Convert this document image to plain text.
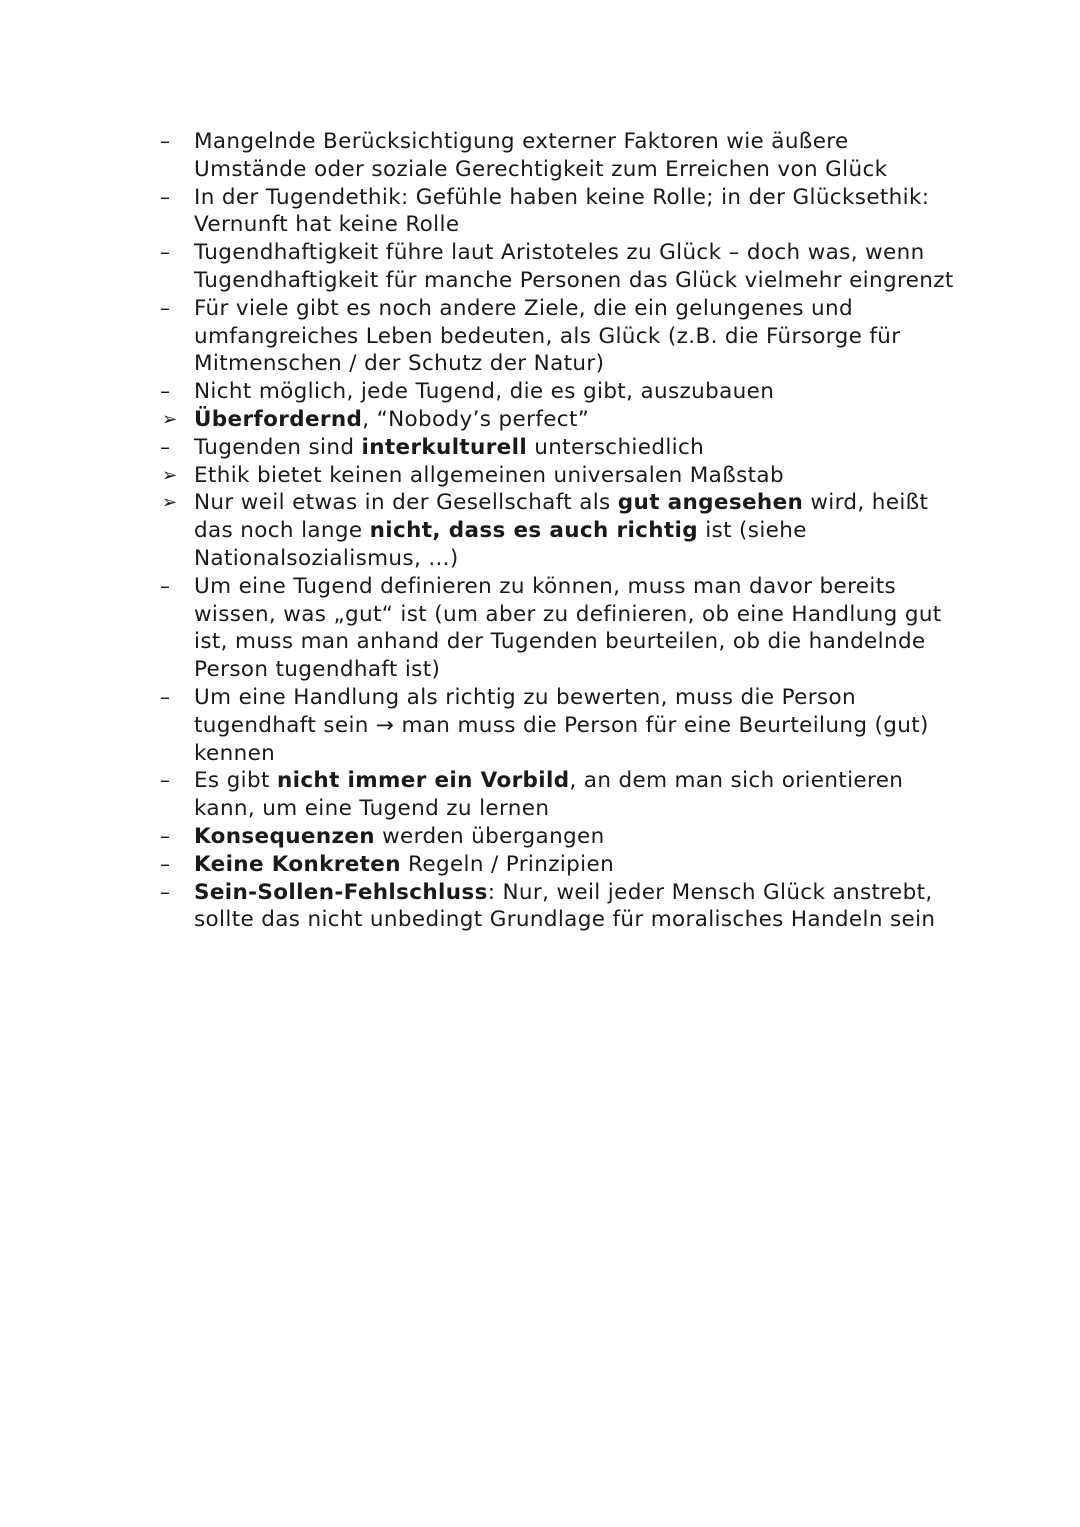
–	Mangelnde Berücksichtigung externer Faktoren wie äußere Umstände oder soziale Gerechtigkeit zum Erreichen von Glück
–	In der Tugendethik: Gefühle haben keine Rolle; in der Glücksethik: Vernunft hat keine Rolle
–	Tugendhaftigkeit führe laut Aristoteles zu Glück – doch was, wenn Tugendhaftigkeit für manche Personen das Glück vielmehr eingrenzt
–	Für viele gibt es noch andere Ziele, die ein gelungenes und umfangreiches Leben bedeuten, als Glück (z.B. die Fürsorge für Mitmenschen / der Schutz der Natur)
–	Nicht möglich, jede Tugend, die es gibt, auszubauen
➢ Überfordernd, “Nobody’s perfect”
–	Tugenden sind interkulturell unterschiedlich
➢ Ethik bietet keinen allgemeinen universalen Maßstab
➢ Nur weil etwas in der Gesellschaft als gut angesehen wird, heißt das noch lange nicht, dass es auch richtig ist (siehe Nationalsozialismus, ...)
–	Um eine Tugend definieren zu können, muss man davor bereits wissen, was „gut“ ist (um aber zu definieren, ob eine Handlung gut ist, muss man anhand der Tugenden beurteilen, ob die handelnde Person tugendhaft ist)
–	Um eine Handlung als richtig zu bewerten, muss die Person tugendhaft sein → man muss die Person für eine Beurteilung (gut) kennen
–	Es gibt nicht immer ein Vorbild, an dem man sich orientieren kann, um eine Tugend zu lernen
–	Konsequenzen werden übergangen
–	Keine Konkreten Regeln / Prinzipien
–	Sein-Sollen-Fehlschluss: Nur, weil jeder Mensch Glück anstrebt, sollte das nicht unbedingt Grundlage für moralisches Handeln sein
